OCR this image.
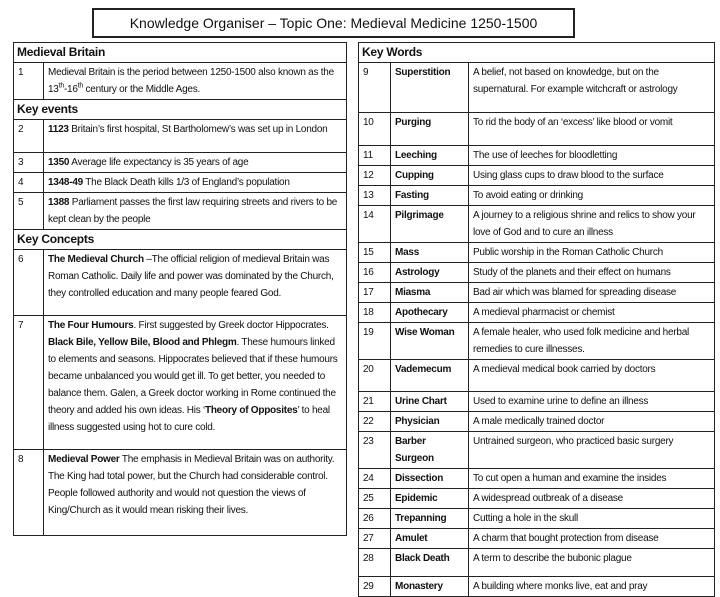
Knowledge Organiser – Topic One: Medieval Medicine 1250-1500
Medieval Britain	
1	Medieval Britain is the period between 1250-1500 also known as the 13th-16th century or the Middle Ages.
Key events	
2	1123 Britain’s first hospital, St Bartholomew’s was set up in London
3	1350 Average life expectancy is 35 years of age
4	1348-49 The Black Death kills 1/3 of England’s population
5	1388 Parliament passes the first law requiring streets and rivers to be kept clean by the people
Key Concepts	
6	The Medieval Church –The official religion of medieval Britain was Roman Catholic. Daily life and power was dominated by the Church, they controlled education and many people feared God.
7	The Four Humours. First suggested by Greek doctor Hippocrates. Black Bile, Yellow Bile, Blood and Phlegm. These humours linked to elements and seasons. Hippocrates believed that if these humours became unbalanced you would get ill. To get better, you needed to balance them. Galen, a Greek doctor working in Rome continued the theory and added his own ideas. His ‘Theory of Opposites’ to heal illness suggested using hot to cure cold.
8	Medieval Power The emphasis in Medieval Britain was on authority. The King had total power, but the Church had considerable control. People followed authority and would not question the views of King/Church as it would mean risking their lives.
Key Words		
9	Superstition	A belief, not based on knowledge, but on the supernatural. For example witchcraft or astrology
10	Purging	To rid the body of an ‘excess’ like blood or vomit
11	Leeching	The use of leeches for bloodletting
12	Cupping	Using glass cups to draw blood to the surface
13	Fasting	To avoid eating or drinking
14	Pilgrimage	A journey to a religious shrine and relics to show your love of God and to cure an illness
15	Mass	Public worship in the Roman Catholic Church
16	Astrology	Study of the planets and their effect on humans
17	Miasma	Bad air which was blamed for spreading disease
18	Apothecary	A medieval pharmacist or chemist
19	Wise Woman	A female healer, who used folk medicine and herbal remedies to cure illnesses.
20	Vademecum	A medieval medical book carried by doctors
21	Urine Chart	Used to examine urine to define an illness
22	Physician	A male medically trained doctor
23	Barber Surgeon	Untrained surgeon, who practiced basic surgery
24	Dissection	To cut open a human and examine the insides
25	Epidemic	A widespread outbreak of a disease
26	Trepanning	Cutting a hole in the skull
27	Amulet	A charm that bought protection from disease
28	Black Death	A term to describe the bubonic plague
29	Monastery	A building where monks live, eat and pray
